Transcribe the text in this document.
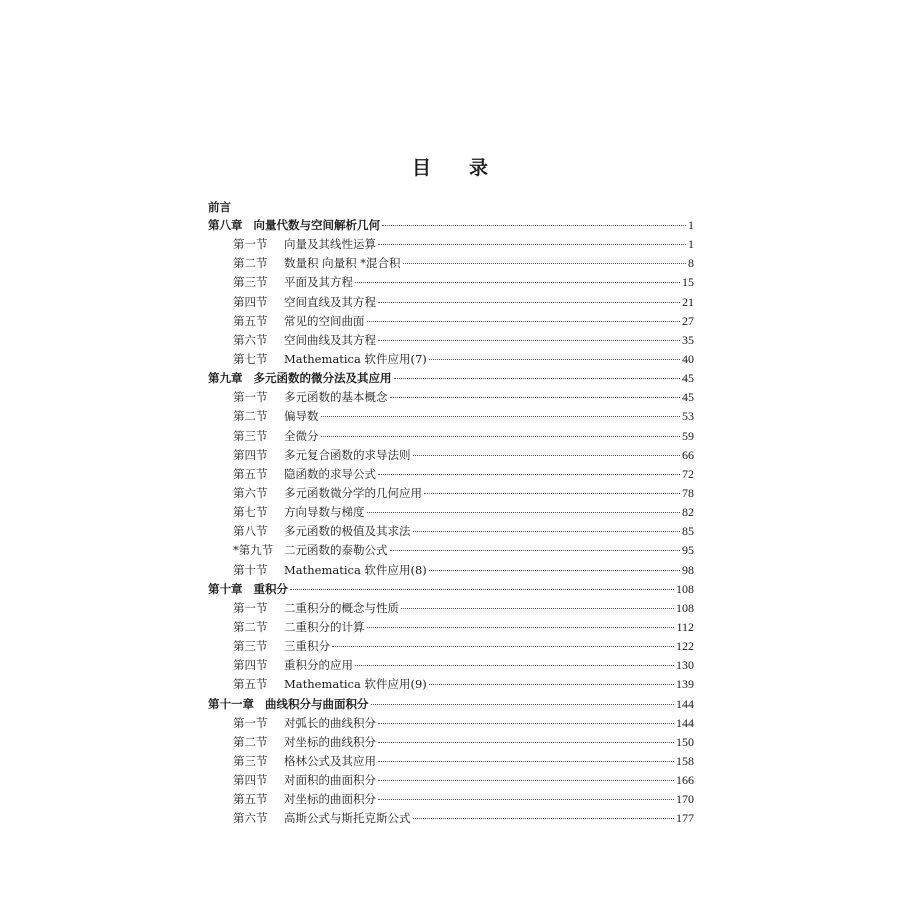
目 录
前言
第八章 向量代数与空间解析几何	1
第一节	向量及其线性运算	1
第二节	数量积 向量积 *混合积	8
第三节	平面及其方程	15
第四节	空间直线及其方程	21
第五节	常见的空间曲面	27
第六节	空间曲线及其方程	35
第七节	Mathematica 软件应用(7)	40
第九章 多元函数的微分法及其应用	45
第一节	多元函数的基本概念	45
第二节	偏导数	53
第三节	全微分	59
第四节	多元复合函数的求导法则	66
第五节	隐函数的求导公式	72
第六节	多元函数微分学的几何应用	78
第七节	方向导数与梯度	82
第八节	多元函数的极值及其求法	85
*第九节 二元函数的泰勒公式	95
第十节	Mathematica 软件应用(8)	98
第十章 重积分	108
第一节	二重积分的概念与性质	108
第二节	二重积分的计算	112
第三节	三重积分	122
第四节	重积分的应用	130
第五节	Mathematica 软件应用(9)	139
第十一章 曲线积分与曲面积分	144
第一节	对弧长的曲线积分	144
第二节	对坐标的曲线积分	150
第三节	格林公式及其应用	158
第四节	对面积的曲面积分	166
第五节	对坐标的曲面积分	170
第六节	高斯公式与斯托克斯公式	177
